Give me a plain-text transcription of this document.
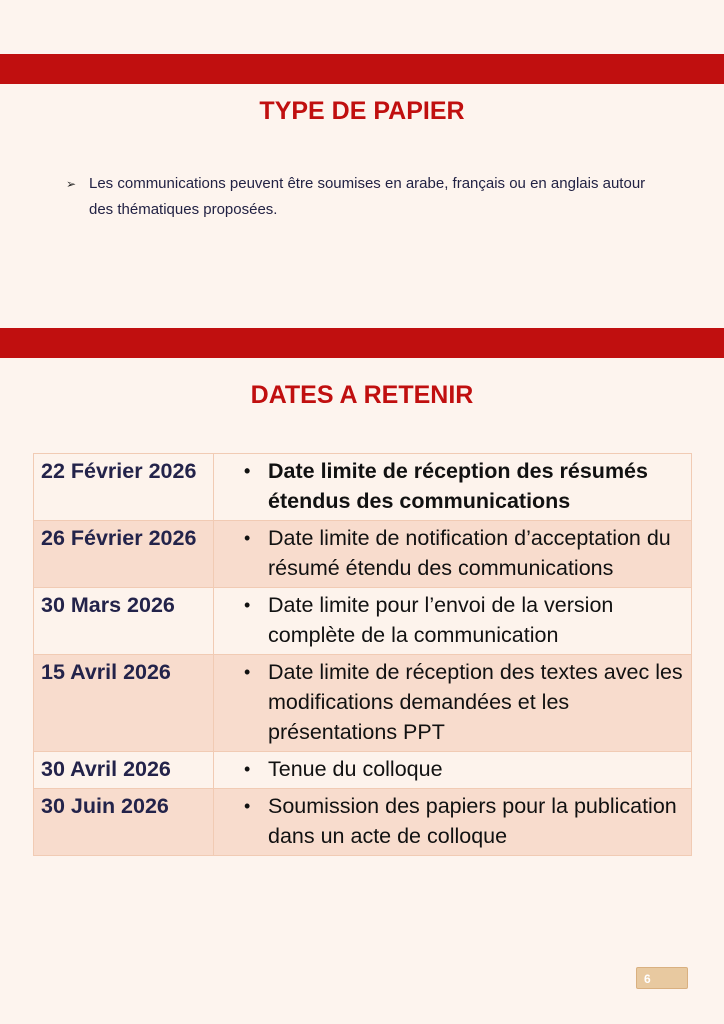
TYPE DE PAPIER
➢ Les communications peuvent être soumises en arabe, français ou en anglais autour des thématiques proposées.
DATES A RETENIR
22 Février 2026	• Date limite de réception des résumés étendus des communications

26 Février 2026	• Date limite de notification d’acceptation du résumé étendu des communications

30 Mars 2026	• Date limite pour l’envoi de la version complète de la communication

15 Avril 2026	• Date limite de réception des textes avec les modifications demandées et les présentations PPT

30 Avril 2026	• Tenue du colloque

30 Juin 2026	• Soumission des papiers pour la publication dans un acte de colloque
6
